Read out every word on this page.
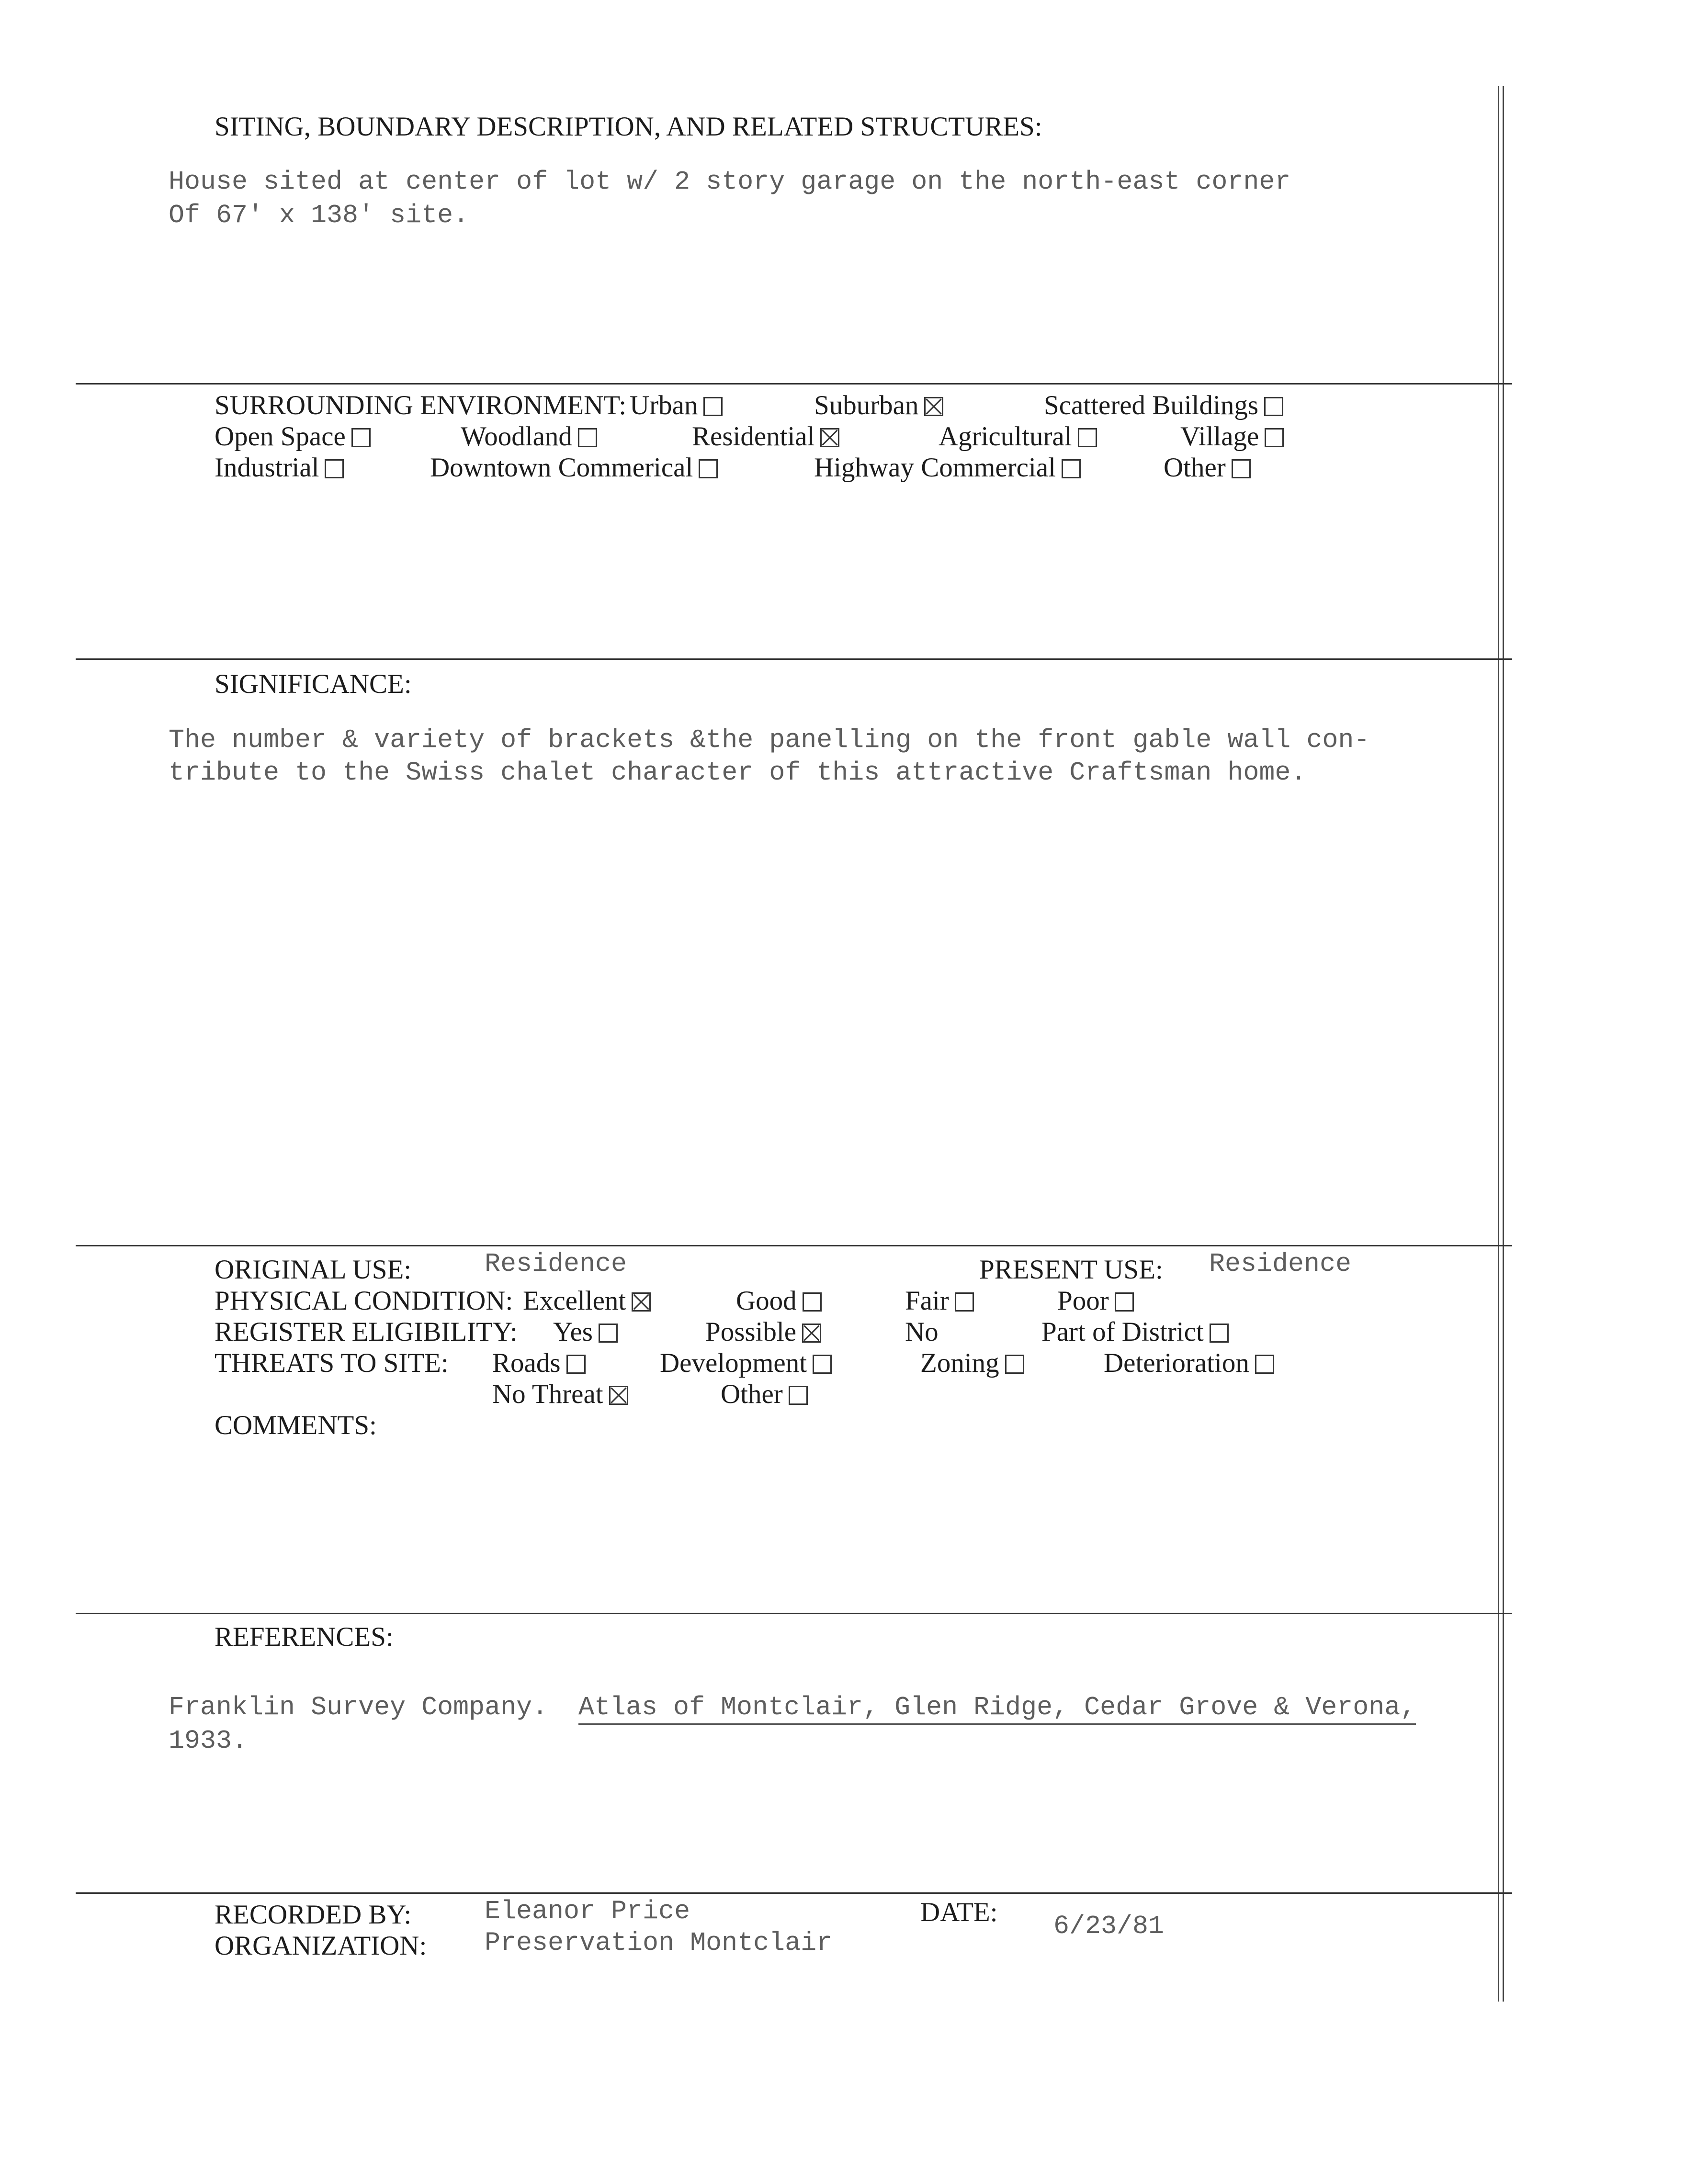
SITING, BOUNDARY DESCRIPTION, AND RELATED STRUCTURES:
House sited at center of lot w/ 2 story garage on the north-east corner
Of 67' x 138' site.
SURROUNDING ENVIRONMENT: Urban	Suburban	Scattered Buildings
Open Space	Woodland	Residential	Agricultural	Village
Industrial	Downtown Commerical	Highway Commercial	Other
SIGNIFICANCE:
The number & variety of brackets &the panelling on the front gable wall con-
tribute to the Swiss chalet character of this attractive Craftsman home.
ORIGINAL USE:	Residence	PRESENT USE: Residence
PHYSICAL CONDITION: Excellent	Good	Fair	Poor
REGISTER ELIGIBILITY: Yes	Possible	No	Part of District
THREATS TO SITE: Roads	Development	Zoning	Deterioration
No Threat	Other
COMMENTS:
REFERENCES:
Franklin Survey Company. Atlas of Montclair, Glen Ridge, Cedar Grove & Verona,
1933.
RECORDED BY:	Eleanor Price
ORGANIZATION: Preservation Montclair
DATE: 6/23/81
